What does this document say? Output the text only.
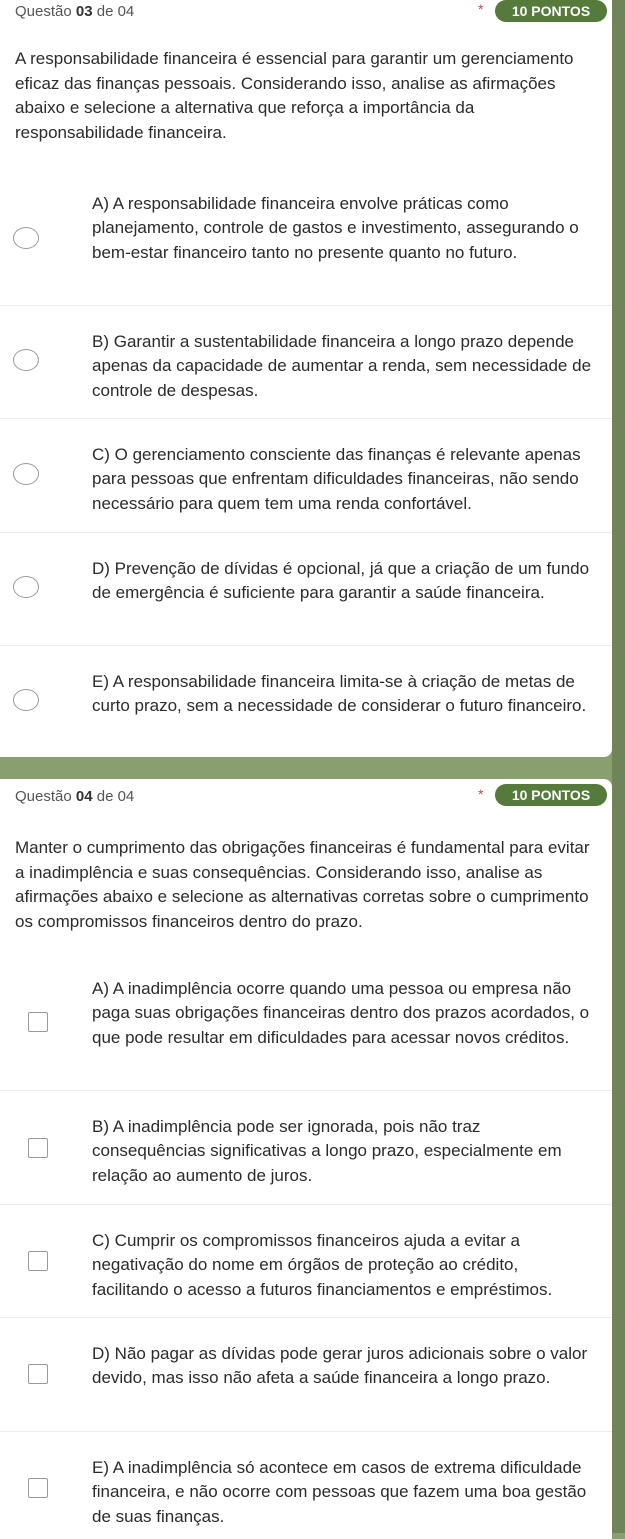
Questão 03 de 04	*	10 PONTOS
A responsabilidade financeira é essencial para garantir um gerenciamento eficaz das finanças pessoais. Considerando isso, analise as afirmações abaixo e selecione a alternativa que reforça a importância da responsabilidade financeira.
A) A responsabilidade financeira envolve práticas como planejamento, controle de gastos e investimento, assegurando o bem-estar financeiro tanto no presente quanto no futuro.
B) Garantir a sustentabilidade financeira a longo prazo depende apenas da capacidade de aumentar a renda, sem necessidade de controle de despesas.
C) O gerenciamento consciente das finanças é relevante apenas para pessoas que enfrentam dificuldades financeiras, não sendo necessário para quem tem uma renda confortável.
D) Prevenção de dívidas é opcional, já que a criação de um fundo de emergência é suficiente para garantir a saúde financeira.
E) A responsabilidade financeira limita-se à criação de metas de curto prazo, sem a necessidade de considerar o futuro financeiro.
Questão 04 de 04	*	10 PONTOS
Manter o cumprimento das obrigações financeiras é fundamental para evitar a inadimplência e suas consequências. Considerando isso, analise as afirmações abaixo e selecione as alternativas corretas sobre o cumprimento os compromissos financeiros dentro do prazo.
A) A inadimplência ocorre quando uma pessoa ou empresa não paga suas obrigações financeiras dentro dos prazos acordados, o que pode resultar em dificuldades para acessar novos créditos.
B) A inadimplência pode ser ignorada, pois não traz consequências significativas a longo prazo, especialmente em relação ao aumento de juros.
C) Cumprir os compromissos financeiros ajuda a evitar a negativação do nome em órgãos de proteção ao crédito, facilitando o acesso a futuros financiamentos e empréstimos.
D) Não pagar as dívidas pode gerar juros adicionais sobre o valor devido, mas isso não afeta a saúde financeira a longo prazo.
E) A inadimplência só acontece em casos de extrema dificuldade financeira, e não ocorre com pessoas que fazem uma boa gestão de suas finanças.
